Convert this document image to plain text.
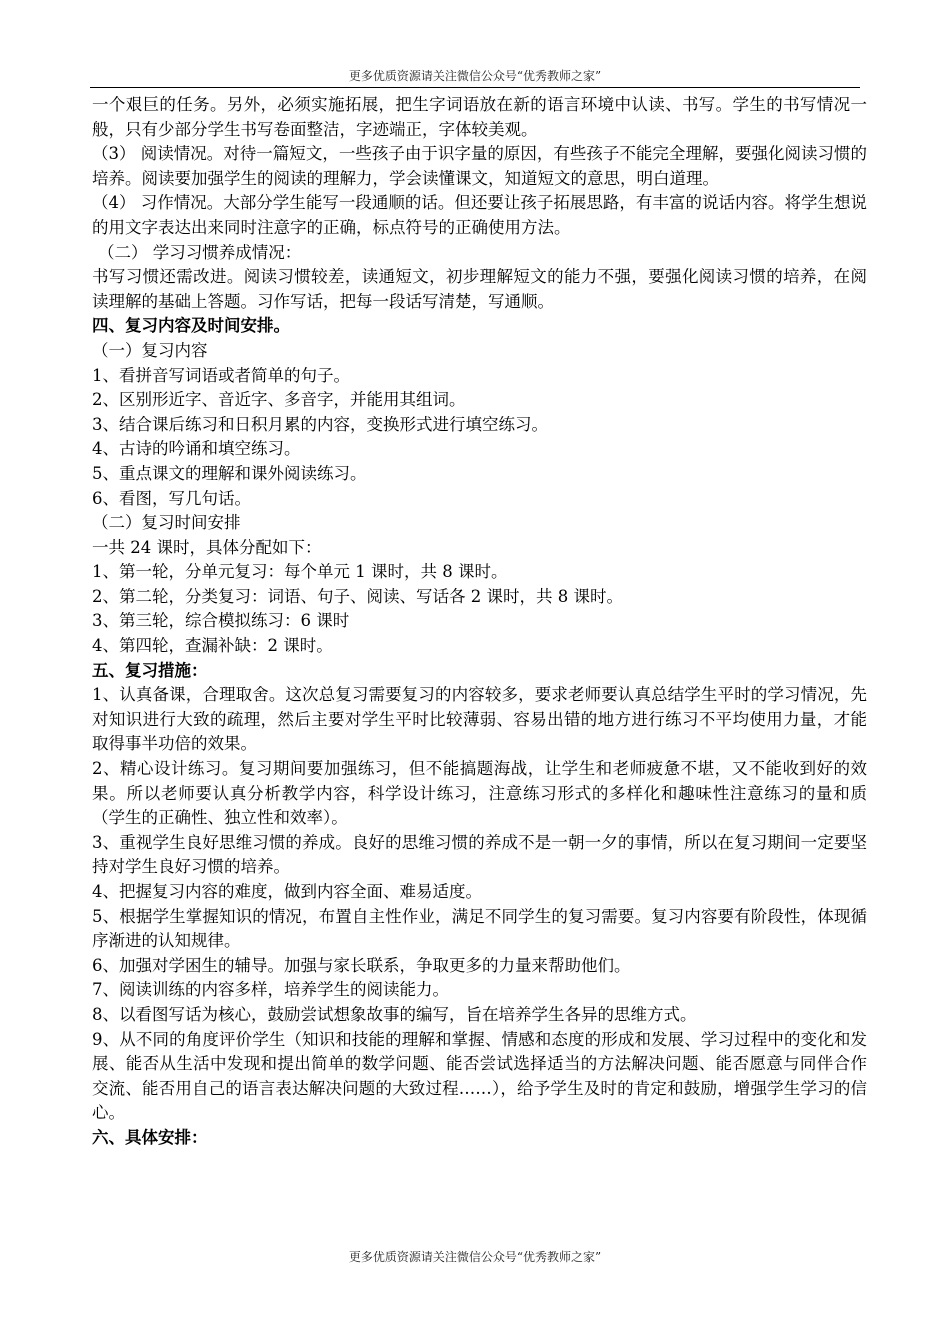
更多优质资源请关注微信公众号“优秀教师之家”

一个艰巨的任务。另外，必须实施拓展，把生字词语放在新的语言环境中认读、书写。学生的书写情况一般，只有少部分学生书写卷面整洁，字迹端正，字体较美观。

（3） 阅读情况。对待一篇短文，一些孩子由于识字量的原因，有些孩子不能完全理解，要强化阅读习惯的培养。阅读要加强学生的阅读的理解力，学会读懂课文，知道短文的意思，明白道理。

（4） 习作情况。大部分学生能写一段通顺的话。但还要让孩子拓展思路，有丰富的说话内容。将学生想说的用文字表达出来同时注意字的正确，标点符号的正确使用方法。

（二） 学习习惯养成情况：

书写习惯还需改进。阅读习惯较差，读通短文，初步理解短文的能力不强，要强化阅读习惯的培养，在阅读理解的基础上答题。习作写话，把每一段话写清楚，写通顺。

四、复习内容及时间安排。

（一）复习内容

1、看拼音写词语或者简单的句子。

2、区别形近字、音近字、多音字，并能用其组词。

3、结合课后练习和日积月累的内容，变换形式进行填空练习。

4、古诗的吟诵和填空练习。

5、重点课文的理解和课外阅读练习。

6、看图，写几句话。

（二）复习时间安排

一共 24 课时，具体分配如下：

1、第一轮，分单元复习：每个单元 1 课时，共 8 课时。

2、第二轮，分类复习：词语、句子、阅读、写话各 2 课时，共 8 课时。

3、第三轮，综合模拟练习：6 课时

4、第四轮，查漏补缺：2 课时。

五、复习措施：

1、认真备课，合理取舍。这次总复习需要复习的内容较多，要求老师要认真总结学生平时的学习情况，先对知识进行大致的疏理，然后主要对学生平时比较薄弱、容易出错的地方进行练习不平均使用力量，才能取得事半功倍的效果。

2、精心设计练习。复习期间要加强练习，但不能搞题海战，让学生和老师疲惫不堪，又不能收到好的效果。所以老师要认真分析教学内容，科学设计练习，注意练习形式的多样化和趣味性注意练习的量和质（学生的正确性、独立性和效率）。

3、重视学生良好思维习惯的养成。良好的思维习惯的养成不是一朝一夕的事情，所以在复习期间一定要坚持对学生良好习惯的培养。

4、把握复习内容的难度，做到内容全面、难易适度。

5、根据学生掌握知识的情况，布置自主性作业，满足不同学生的复习需要。复习内容要有阶段性，体现循序渐进的认知规律。

6、加强对学困生的辅导。加强与家长联系，争取更多的力量来帮助他们。

7、阅读训练的内容多样，培养学生的阅读能力。

8、以看图写话为核心，鼓励尝试想象故事的编写，旨在培养学生各异的思维方式。

9、从不同的角度评价学生（知识和技能的理解和掌握、情感和态度的形成和发展、学习过程中的变化和发展、能否从生活中发现和提出简单的数学问题、能否尝试选择适当的方法解决问题、能否愿意与同伴合作交流、能否用自己的语言表达解决问题的大致过程……），给予学生及时的肯定和鼓励，增强学生学习的信心。

六、具体安排：

更多优质资源请关注微信公众号“优秀教师之家”
